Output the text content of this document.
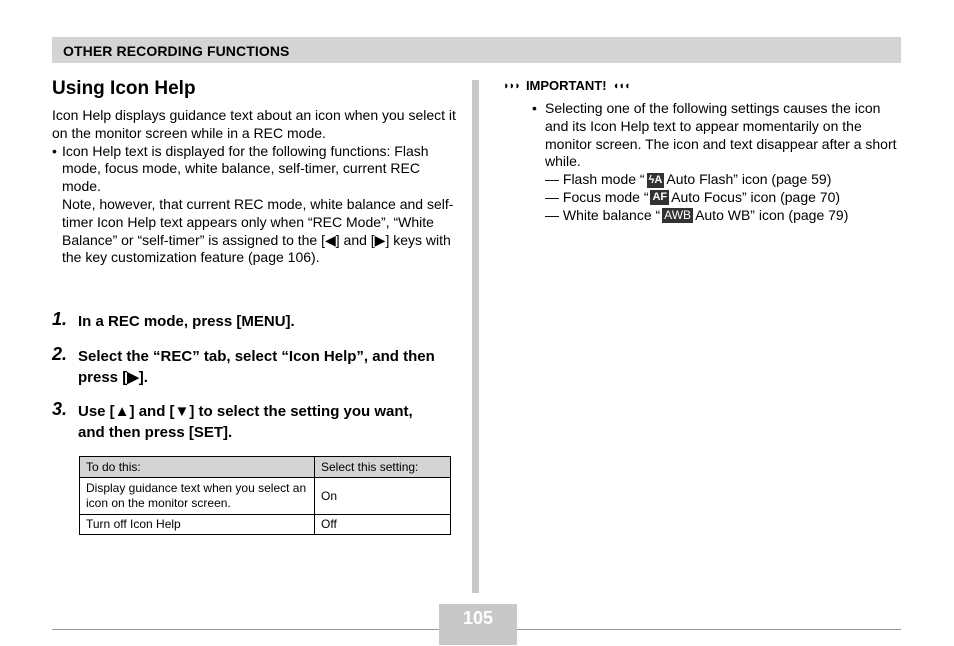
OTHER RECORDING FUNCTIONS
Using Icon Help

Icon Help displays guidance text about an icon when you select it on the monitor screen while in a REC mode.

• Icon Help text is displayed for the following functions: Flash mode, focus mode, white balance, self-timer, current REC mode.

Note, however, that current REC mode, white balance and self-timer Icon Help text appears only when “REC Mode”, “White Balance” or “self-timer” is assigned to the [◀] and [▶] keys with the key customization feature (page 106).

1. In a REC mode, press [MENU].
2. Select the “REC” tab, select “Icon Help”, and then press [▶].
3. Use [▲] and [▼] to select the setting you want, and then press [SET].
To do this:	Select this setting:
Display guidance text when you select an icon on the monitor screen.	On
Turn off Icon Help	Off
◗◗◗ IMPORTANT! ◖◖◖
• Selecting one of the following settings causes the icon and its Icon Help text to appear momentarily on the monitor screen. The icon and text disappear after a short while.
— Flash mode “ ϟA Auto Flash” icon (page 59)
— Focus mode “ AF Auto Focus” icon (page 70)
— White balance “ AWB Auto WB” icon (page 79)
105
